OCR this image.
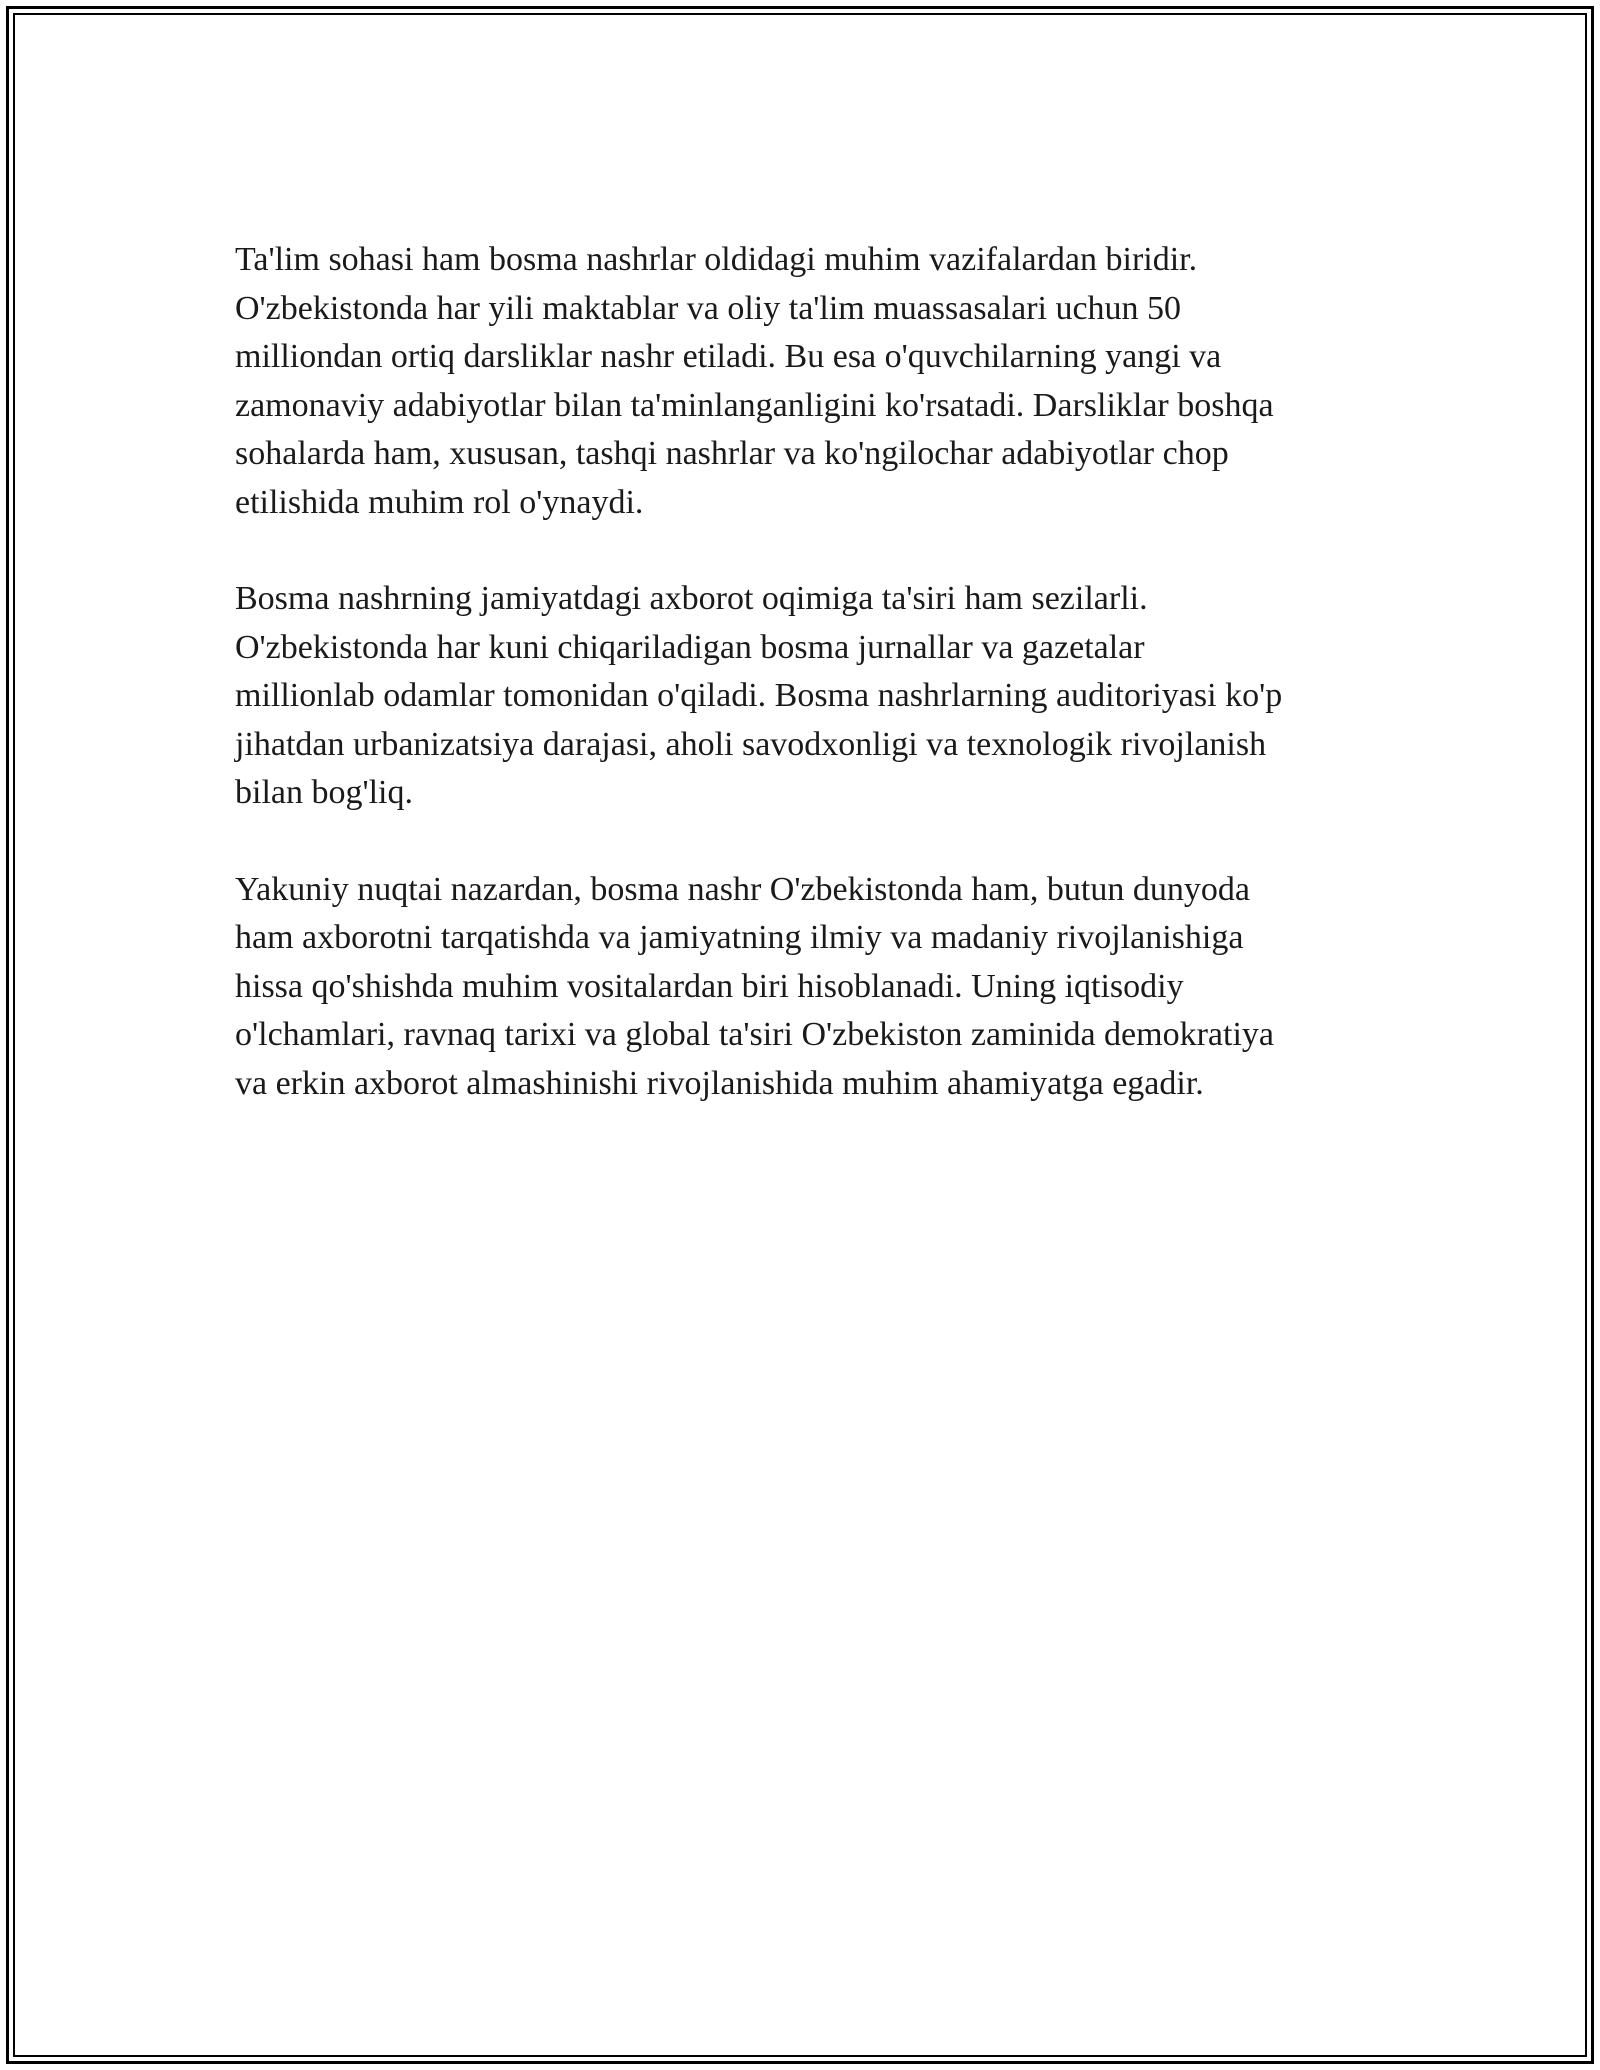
Ta'lim sohasi ham bosma nashrlar oldidagi muhim vazifalardan biridir.
O'zbekistonda har yili maktablar va oliy ta'lim muassasalari uchun 50
milliondan ortiq darsliklar nashr etiladi. Bu esa o'quvchilarning yangi va
zamonaviy adabiyotlar bilan ta'minlanganligini ko'rsatadi. Darsliklar boshqa
sohalarda ham, xususan, tashqi nashrlar va ko'ngilochar adabiyotlar chop
etilishida muhim rol o'ynaydi.

Bosma nashrning jamiyatdagi axborot oqimiga ta'siri ham sezilarli.
O'zbekistonda har kuni chiqariladigan bosma jurnallar va gazetalar
millionlab odamlar tomonidan o'qiladi. Bosma nashrlarning auditoriyasi ko'p
jihatdan urbanizatsiya darajasi, aholi savodxonligi va texnologik rivojlanish
bilan bog'liq.

Yakuniy nuqtai nazardan, bosma nashr O'zbekistonda ham, butun dunyoda
ham axborotni tarqatishda va jamiyatning ilmiy va madaniy rivojlanishiga
hissa qo'shishda muhim vositalardan biri hisoblanadi. Uning iqtisodiy
o'lchamlari, ravnaq tarixi va global ta'siri O'zbekiston zaminida demokratiya
va erkin axborot almashinishi rivojlanishida muhim ahamiyatga egadir.
